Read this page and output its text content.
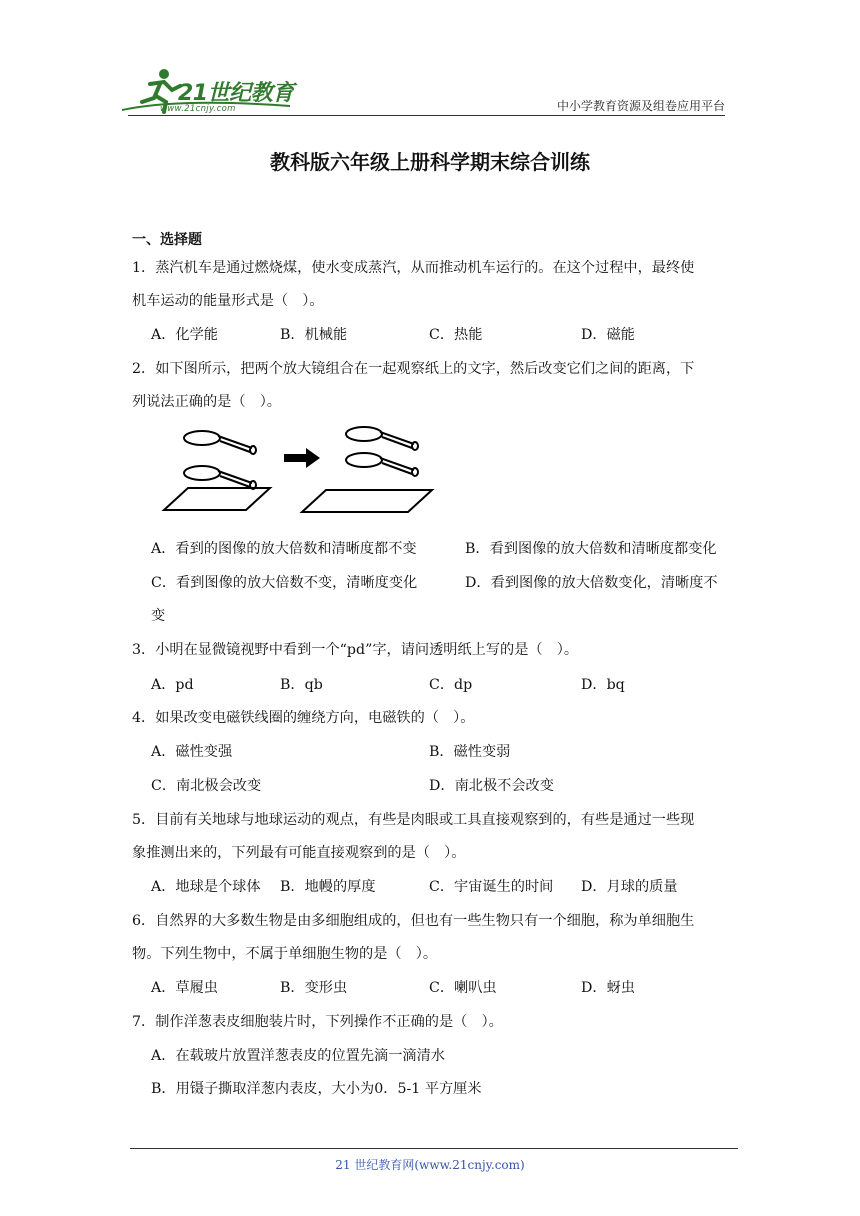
21世纪教育
www.21cnjy.com	中小学教育资源及组卷应用平台
教科版六年级上册科学期末综合训练
一、选择题
1．蒸汽机车是通过燃烧煤，使水变成蒸汽，从而推动机车运行的。在这个过程中，最终使
机车运动的能量形式是（　）。
A．化学能	B．机械能	C．热能	D．磁能
2．如下图所示，把两个放大镜组合在一起观察纸上的文字，然后改变它们之间的距离，下
列说法正确的是（　）。
A．看到的图像的放大倍数和清晰度都不变	B．看到图像的放大倍数和清晰度都变化
C．看到图像的放大倍数不变，清晰度变化	D．看到图像的放大倍数变化，清晰度不
变
3．小明在显微镜视野中看到一个“pd”字，请问透明纸上写的是（　）。
A．pd	B．qb	C．dp	D．bq
4．如果改变电磁铁线圈的缠绕方向，电磁铁的（　）。
A．磁性变强	B．磁性变弱
C．南北极会改变	D．南北极不会改变
5．目前有关地球与地球运动的观点，有些是肉眼或工具直接观察到的，有些是通过一些现
象推测出来的，下列最有可能直接观察到的是（　）。
A．地球是个球体 B．地幔的厚度	C．宇宙诞生的时间 D．月球的质量
6．自然界的大多数生物是由多细胞组成的，但也有一些生物只有一个细胞，称为单细胞生
物。下列生物中，不属于单细胞生物的是（　）。
A．草履虫	B．变形虫	C．喇叭虫	D．蚜虫
7．制作洋葱表皮细胞装片时，下列操作不正确的是（　）。
A．在载玻片放置洋葱表皮的位置先滴一滴清水
B．用镊子撕取洋葱内表皮，大小为0．5-1 平方厘米
21 世纪教育网(www.21cnjy.com)
